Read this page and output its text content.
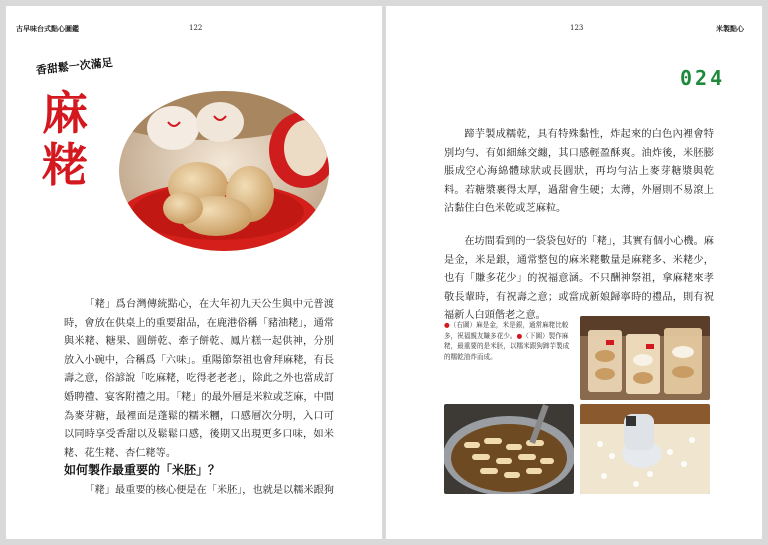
古早味台式點心圖鑑	122
香甜鬆一次滿足
麻
粩

「粩」爲台灣傳統點心，在大年初九天公生與中元普渡時，會放在供桌上的重要甜品，在鹿港俗稱「豬油粩」，通常與米粩、糖果、圓餅乾、牽子餅乾、鳳片糕一起供神，分別放入小碗中，合稱爲「六味」。重陽節祭祖也會拜麻粩，有長壽之意，俗諺說「吃麻粩，吃得老老老」，除此之外也當成訂婚聘禮、宴客附禮之用。「粩」的最外層是米粒或芝麻，中間為麥芽糖，最裡面是蓬鬆的糯米糰，口感層次分明，入口可以同時享受香甜以及鬆鬆口感，後期又出現更多口味，如米粩、花生粩、杏仁粩等。

如何製作最重要的「米胚」？

「粩」最重要的核心便是在「米胚」，也就是以糯米跟狗

123	米製點心
024

蹄芋製成糯乾，具有特殊黏性，炸起來的白色內裡會特別均勻、有如細絲交纏，其口感輕盈酥爽。油炸後，米胚膨脹成空心海綿體球狀或長圓狀，再均勻沾上麥芽糖漿與乾料。若糖漿裹得太厚，過甜會生硬；太薄，外層則不易滾上沾黏住白色米乾或芝麻粒。

在坊間看到的一袋袋包好的「粩」，其實有個小心機。麻是金，米是銀，通常整包的麻米粩數量是麻粩多、米粩少，也有「賺多花少」的祝福意涵。不只酬神祭祖，拿麻粩來孝敬長輩時，有祝壽之意；或當成新娘歸寧時的禮品，則有祝福新人白頭偕老之意。

●（右圖）麻是金，米是銀，通常麻粩比較多，祝福親友賺多花少。●（下圖）製作麻粩，最重要的是米胚，以糯米跟狗蹄芋製成的糯乾油炸而成。
